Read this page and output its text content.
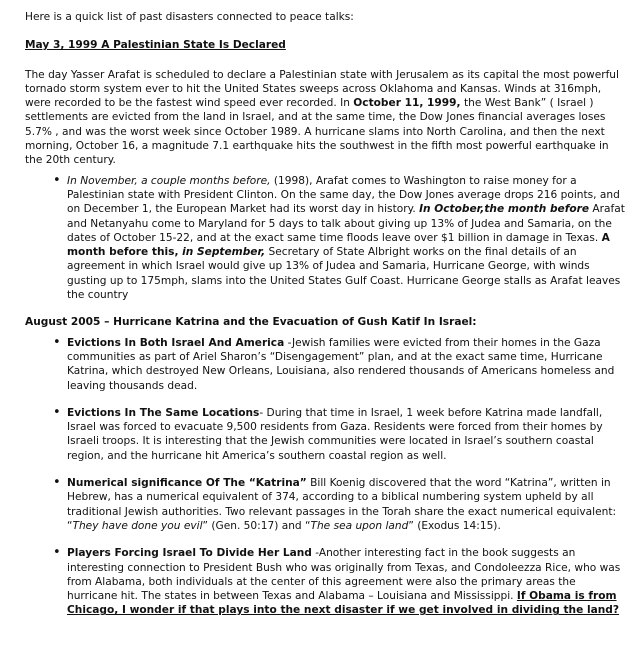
Here is a quick list of past disasters connected to peace talks:

May 3, 1999 A Palestinian State Is Declared

The day Yasser Arafat is scheduled to declare a Palestinian state with Jerusalem as its capital the most powerful tornado storm system ever to hit the United States sweeps across Oklahoma and Kansas. Winds at 316mph, were recorded to be the fastest wind speed ever recorded. In October 11, 1999, the West Bank” ( Israel ) settlements are evicted from the land in Israel, and at the same time, the Dow Jones financial averages loses 5.7% , and was the worst week since October 1989. A hurricane slams into North Carolina, and then the next morning, October 16, a magnitude 7.1 earthquake hits the southwest in the fifth most powerful earthquake in the 20th century.

• In November, a couple months before, (1998), Arafat comes to Washington to raise money for a Palestinian state with President Clinton. On the same day, the Dow Jones average drops 216 points, and on December 1, the European Market had its worst day in history. In October,the month before Arafat and Netanyahu come to Maryland for 5 days to talk about giving up 13% of Judea and Samaria, on the dates of October 15-22, and at the exact same time floods leave over $1 billion in damage in Texas. A month before this, in September, Secretary of State Albright works on the final details of an agreement in which Israel would give up 13% of Judea and Samaria, Hurricane George, with winds gusting up to 175mph, slams into the United States Gulf Coast. Hurricane George stalls as Arafat leaves the country

August 2005 – Hurricane Katrina and the Evacuation of Gush Katif In Israel:

• Evictions In Both Israel And America -Jewish families were evicted from their homes in the Gaza communities as part of Ariel Sharon’s “Disengagement” plan, and at the exact same time, Hurricane Katrina, which destroyed New Orleans, Louisiana, also rendered thousands of Americans homeless and leaving thousands dead.
• Evictions In The Same Locations- During that time in Israel, 1 week before Katrina made landfall, Israel was forced to evacuate 9,500 residents from Gaza. Residents were forced from their homes by Israeli troops. It is interesting that the Jewish communities were located in Israel’s southern coastal region, and the hurricane hit America’s southern coastal region as well.
• Numerical significance Of The “Katrina” Bill Koenig discovered that the word “Katrina”, written in Hebrew, has a numerical equivalent of 374, according to a biblical numbering system upheld by all traditional Jewish authorities. Two relevant passages in the Torah share the exact numerical equivalent: “They have done you evil” (Gen. 50:17) and “The sea upon land” (Exodus 14:15).
• Players Forcing Israel To Divide Her Land -Another interesting fact in the book suggests an interesting connection to President Bush who was originally from Texas, and Condoleezza Rice, who was from Alabama, both individuals at the center of this agreement were also the primary areas the hurricane hit. The states in between Texas and Alabama – Louisiana and Mississippi. If Obama is from Chicago, I wonder if that plays into the next disaster if we get involved in dividing the land?
